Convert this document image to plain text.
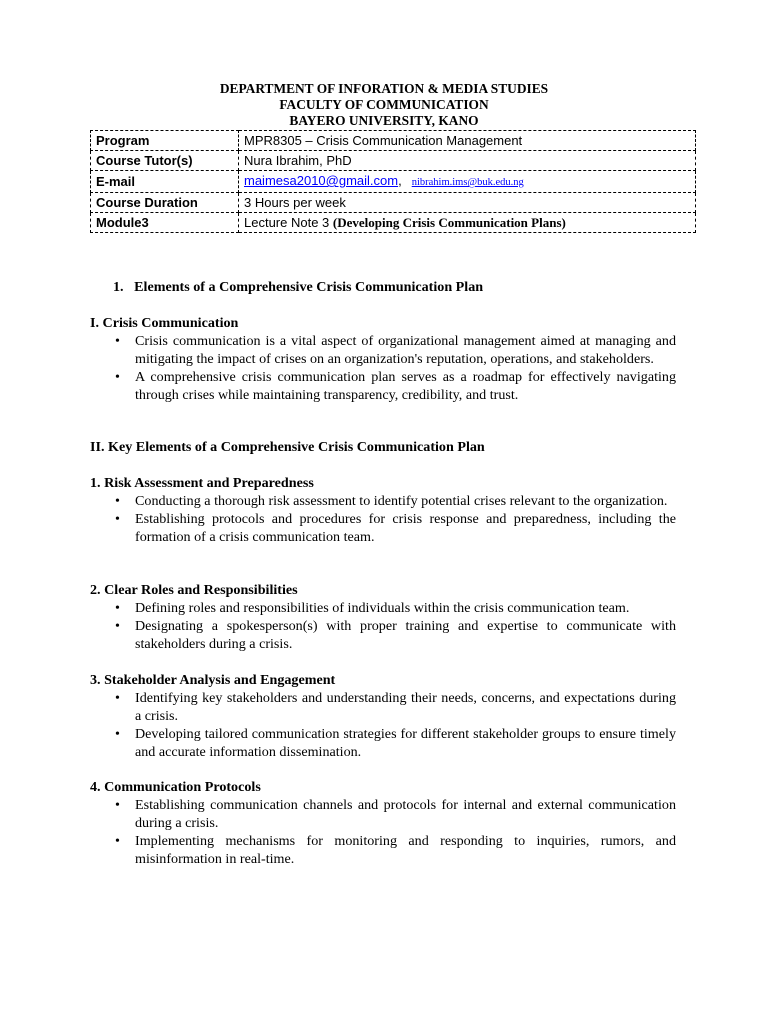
DEPARTMENT OF INFORATION & MEDIA STUDIES
FACULTY OF COMMUNICATION
BAYERO UNIVERSITY, KANO
Program	MPR8305 – Crisis Communication Management
Course Tutor(s)	Nura Ibrahim, PhD
E-mail	maimesa2010@gmail.com, nibrahim.ims@buk.edu.ng
Course Duration	3 Hours per week
Module3	Lecture Note 3 (Developing Crisis Communication Plans)
1.   Elements of a Comprehensive Crisis Communication Plan
I. Crisis Communication
• Crisis communication is a vital aspect of organizational management aimed at managing and mitigating the impact of crises on an organization's reputation, operations, and stakeholders.
• A comprehensive crisis communication plan serves as a roadmap for effectively navigating through crises while maintaining transparency, credibility, and trust.
II. Key Elements of a Comprehensive Crisis Communication Plan
1. Risk Assessment and Preparedness
• Conducting a thorough risk assessment to identify potential crises relevant to the organization.
• Establishing protocols and procedures for crisis response and preparedness, including the formation of a crisis communication team.
2. Clear Roles and Responsibilities
• Defining roles and responsibilities of individuals within the crisis communication team.
• Designating a spokesperson(s) with proper training and expertise to communicate with stakeholders during a crisis.
3. Stakeholder Analysis and Engagement
• Identifying key stakeholders and understanding their needs, concerns, and expectations during a crisis.
• Developing tailored communication strategies for different stakeholder groups to ensure timely and accurate information dissemination.
4. Communication Protocols
• Establishing communication channels and protocols for internal and external communication during a crisis.
• Implementing mechanisms for monitoring and responding to inquiries, rumors, and misinformation in real-time.
